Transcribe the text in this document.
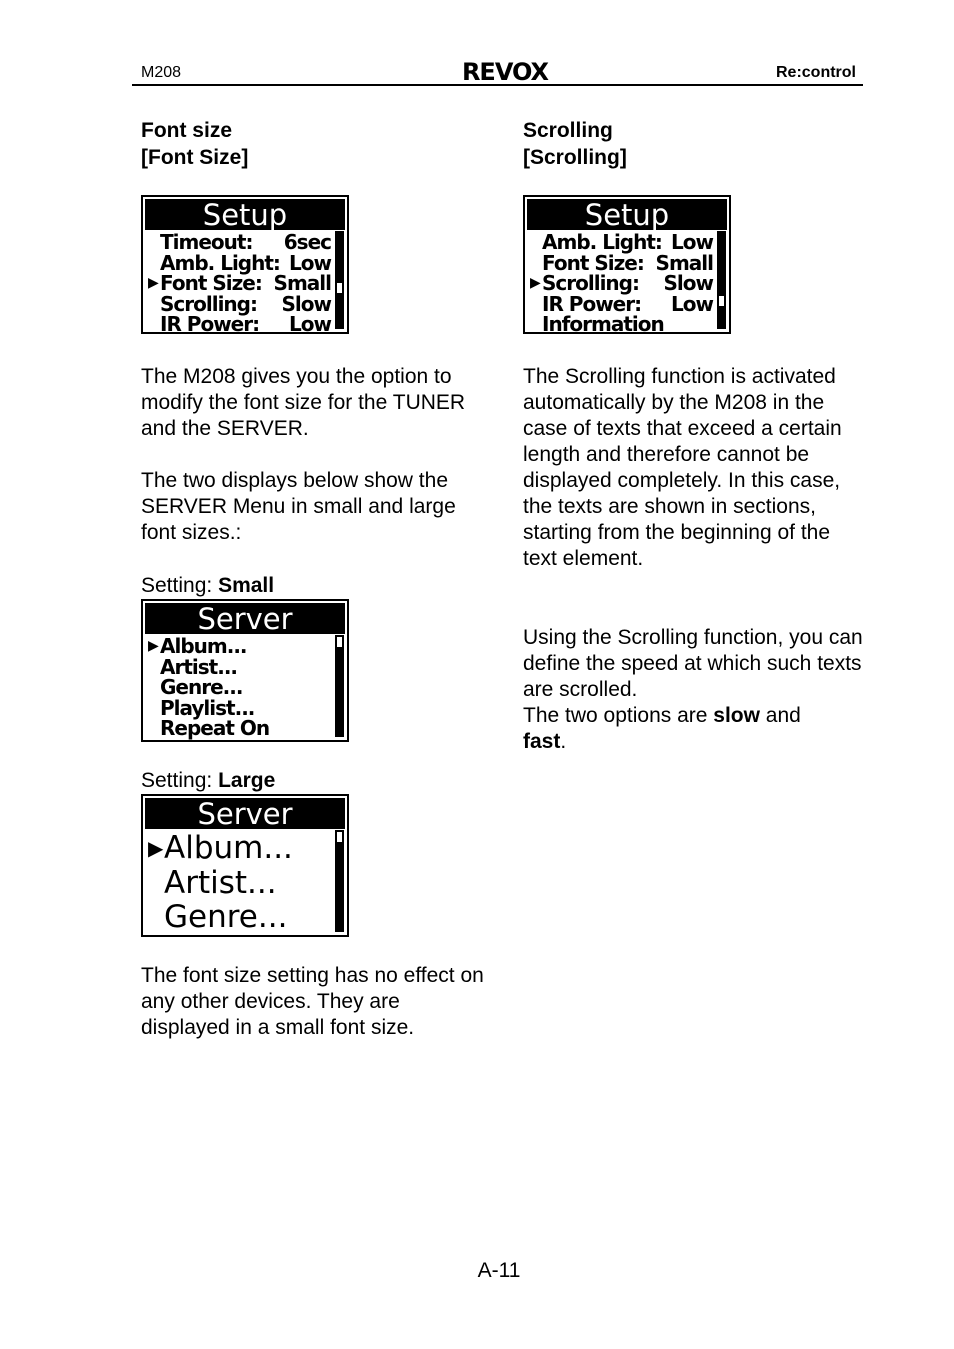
M208	REVOX	Re:control

Font size

[Font Size]

Setup
Timeout:	6sec
Amb. Light: Low
▶ Font Size: Small
Scrolling:	Slow
IR Power:	Low

The M208 gives you the option to modify the font size for the TUNER and the SERVER.

The two displays below show the SERVER Menu in small and large font sizes.:

Setting: Small

Server
▶ Album...
Artist...
Genre...
Playlist...
Repeat On

Setting: Large

Server
▶ Album...
Artist...
Genre...

The font size setting has no effect on any other devices. They are displayed in a small font size.

Scrolling

[Scrolling]

Setup
Amb. Light: Low
Font Size: Small
▶ Scrolling:	Slow
IR Power:	Low
Information

The Scrolling function is activated automatically by the M208 in the case of texts that exceed a certain length and therefore cannot be displayed completely. In this case, the texts are shown in sections, starting from the beginning of the text element.

Using the Scrolling function, you can define the speed at which such texts are scrolled.

The two options are slow and
fast.

A-11
